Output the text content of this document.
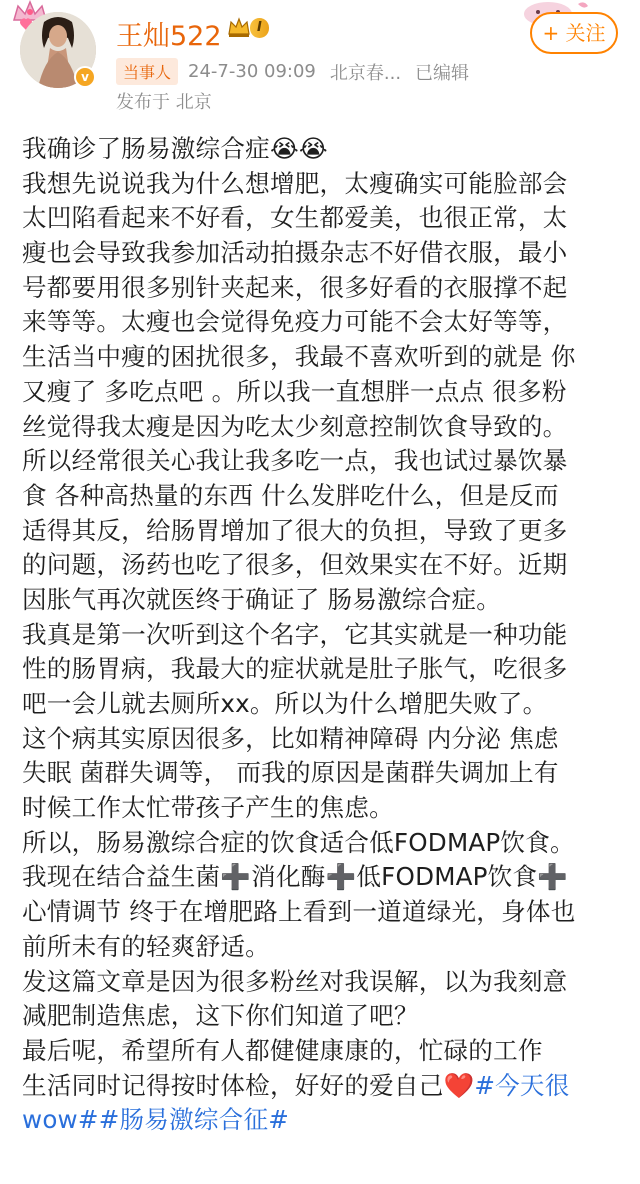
v
王灿522	I
当事人 24-7-30 09:09 北京春... 已编辑
发布于 北京
+ 关注
我确诊了肠易激综合症😭😭
我想先说说我为什么想增肥，太瘦确实可能脸部会
太凹陷看起来不好看，女生都爱美，也很正常，太
瘦也会导致我参加活动拍摄杂志不好借衣服，最小
号都要用很多别针夹起来，很多好看的衣服撑不起
来等等。太瘦也会觉得免疫力可能不会太好等等，
生活当中瘦的困扰很多，我最不喜欢听到的就是 你
又瘦了 多吃点吧 。所以我一直想胖一点点 很多粉
丝觉得我太瘦是因为吃太少刻意控制饮食导致的。
所以经常很关心我让我多吃一点，我也试过暴饮暴
食 各种高热量的东西 什么发胖吃什么，但是反而
适得其反，给肠胃增加了很大的负担，导致了更多
的问题，汤药也吃了很多，但效果实在不好。近期
因胀气再次就医终于确证了 肠易激综合症。
我真是第一次听到这个名字，它其实就是一种功能
性的肠胃病，我最大的症状就是肚子胀气，吃很多
吧一会儿就去厕所xx。所以为什么增肥失败了。
这个病其实原因很多，比如精神障碍 内分泌 焦虑
失眠 菌群失调等， 而我的原因是菌群失调加上有
时候工作太忙带孩子产生的焦虑。
所以，肠易激综合症的饮食适合低FODMAP饮食。
我现在结合益生菌➕消化酶➕低FODMAP饮食➕
心情调节 终于在增肥路上看到一道道绿光，身体也
前所未有的轻爽舒适。
发这篇文章是因为很多粉丝对我误解，以为我刻意
减肥制造焦虑，这下你们知道了吧？
最后呢，希望所有人都健健康康的，忙碌的工作
生活同时记得按时体检，好好的爱自己❤️#今天很
wow##肠易激综合征#
